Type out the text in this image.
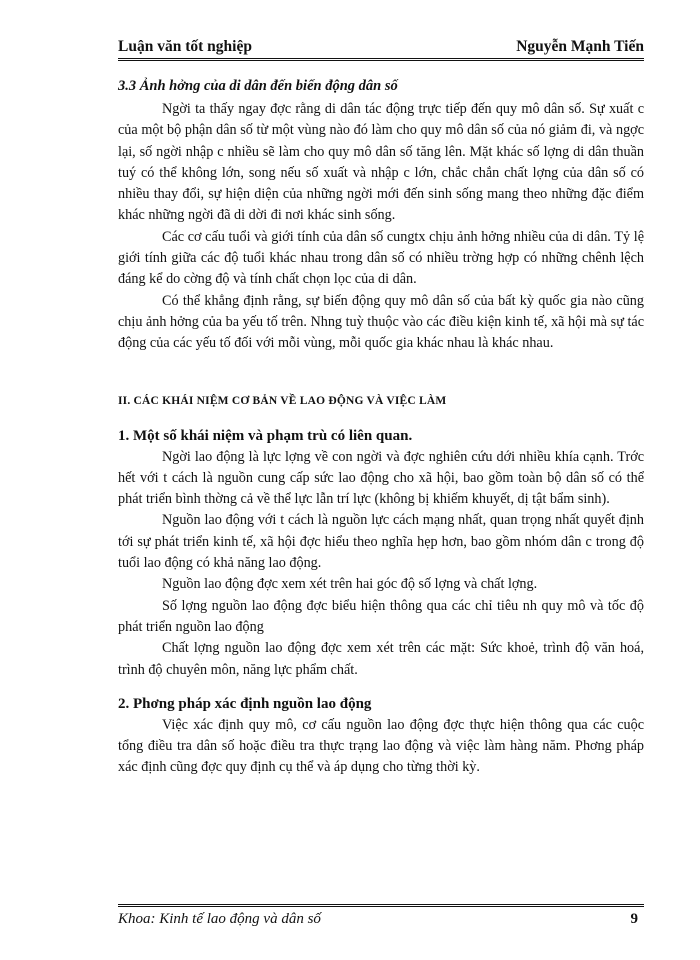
Luận văn tốt nghiệp	Nguyễn Mạnh Tiến

3.3 Ảnh hởng của di dân đến biến động dân số

Ngời ta thấy ngay đợc rằng di dân tác động trực tiếp đến quy mô dân số. Sự xuất c của một bộ phận dân số từ một vùng nào đó làm cho quy mô dân số của nó giảm đi, và ngợc lại, số ngời nhập c nhiều sẽ làm cho quy mô dân số tăng lên. Mặt khác số lợng di dân thuần tuý có thể không lớn, song nếu số xuất và nhập c lớn, chắc chắn chất lợng của dân số có nhiều thay đổi, sự hiện diện của những ngời mới đến sinh sống mang theo những đặc điểm khác những ngời đã di dời đi nơi khác sinh sống.

Các cơ cấu tuổi và giới tính của dân số cungtx chịu ảnh hởng nhiều của di dân. Tỷ lệ giới tính giữa các độ tuổi khác nhau trong dân số có nhiều trờng hợp có những chênh lệch đáng kể do cờng độ và tính chất chọn lọc của di dân.

Có thể khẳng định rằng, sự biến động quy mô dân số của bất kỳ quốc gia nào cũng chịu ảnh hởng của ba yếu tố trên. Nhng tuỳ thuộc vào các điều kiện kinh tế, xã hội mà sự tác động của các yếu tố đối với mỗi vùng, mỗi quốc gia khác nhau là khác nhau.

II. CÁC KHÁI NIỆM CƠ BẢN VỀ LAO ĐỘNG VÀ VIỆC LÀM

1. Một số khái niệm và phạm trù có liên quan.

Ngời lao động là lực lợng về con ngời và đợc nghiên cứu dới nhiều khía cạnh. Trớc hết với t cách là nguồn cung cấp sức lao động cho xã hội, bao gồm toàn bộ dân số có thể phát triển bình thờng cả về thể lực lẫn trí lực (không bị khiếm khuyết, dị tật bẩm sinh).

Nguồn lao động với t cách là nguồn lực cách mạng nhất, quan trọng nhất quyết định tới sự phát triển kinh tế, xã hội đợc hiểu theo nghĩa hẹp hơn, bao gồm nhóm dân c trong độ tuổi lao động có khả năng lao động.

Nguồn lao động đợc xem xét trên hai góc độ số lợng và chất lợng.

Số lợng nguồn lao động đợc biểu hiện thông qua các chỉ tiêu nh quy mô và tốc độ phát triển nguồn lao động

Chất lợng nguồn lao động đợc xem xét trên các mặt: Sức khoẻ, trình độ văn hoá, trình độ chuyên môn, năng lực phẩm chất.

2. Phơng pháp xác định nguồn lao động

Việc xác định quy mô, cơ cấu nguồn lao động đợc thực hiện thông qua các cuộc tổng điều tra dân số hoặc điều tra thực trạng lao động và việc làm hàng năm. Phơng pháp xác định cũng đợc quy định cụ thể và áp dụng cho từng thời kỳ.

Khoa: Kinh tế lao động và dân số	9
